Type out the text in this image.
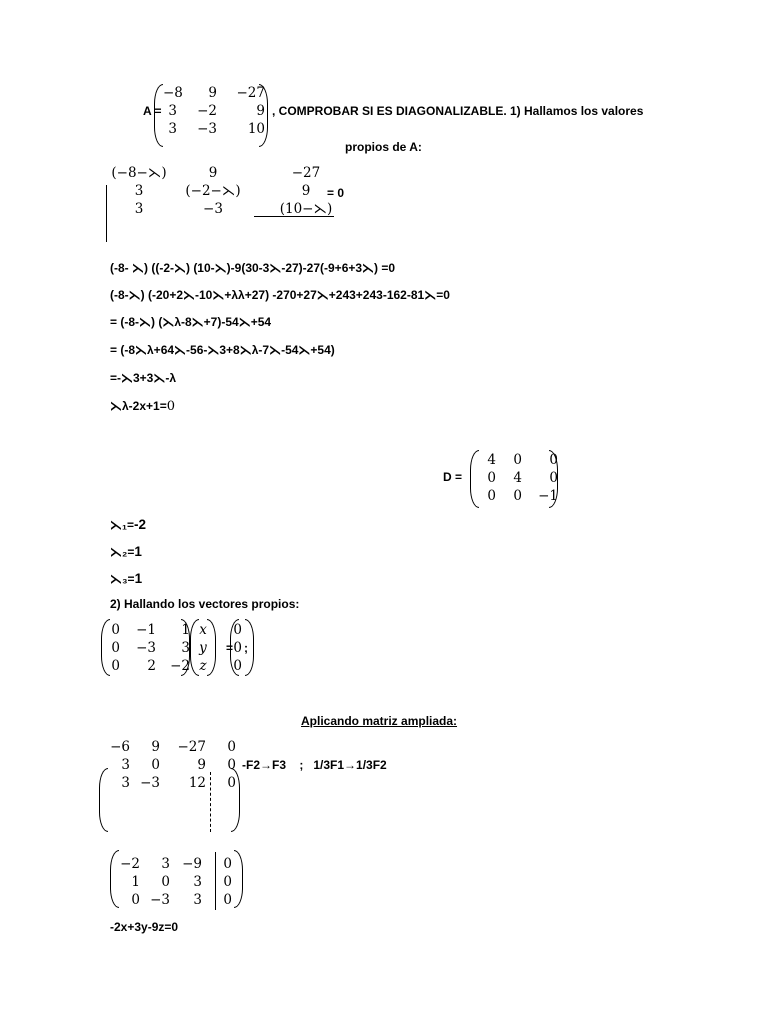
A =
−8	9	−27
3	−2	9
3	−3	10
, COMPROBAR SI ES DIAGONALIZABLE. 1) Hallamos los valores
propios de A:
(−8−⋋)	9	−27
3	(−2−⋋)	9
3	−3	(10−⋋)
= 0
(-8- ⋋) ((-2-⋋) (10-⋋)-9(30-3⋋-27)-27(-9+6+3⋋) =0
(-8-⋋) (-20+2⋋-10⋋+λλ+27) -270+27⋋+243+243-162-81⋋=0
= (-8-⋋) (⋋λ-8⋋+7)-54⋋+54
= (-8⋋λ+64⋋-56-⋋3+8⋋λ-7⋋-54⋋+54)
=-⋋3+3⋋-λ
⋋λ-2x+1=0
D =
4	0	0
0	4	0
0	0	−1
⋋₁=-2
⋋₂=1
⋋₃=1
2) Hallando los vectores propios:
0	−1	1
0	−3	3
0	2	−2
x
y
z
=
0
0
0
;
Aplicando matriz ampliada:
−6	9	−27	0
3	0	9	0
3 −3	12	0
-F2→F3    ;   1/3F1→1/3F2
−2	3 −9	0
1	0	3	0
0 −3	3	0
-2x+3y-9z=0
